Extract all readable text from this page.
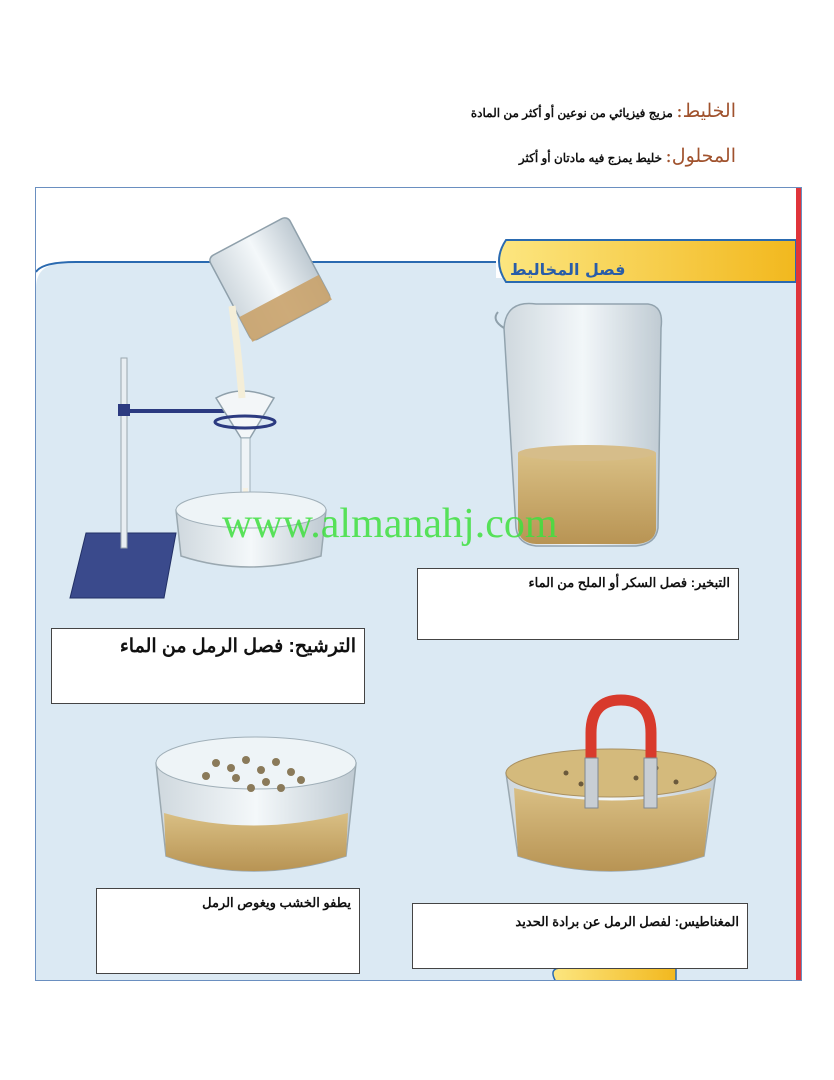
الخليط: مزيج فيزيائي من نوعين أو أكثر من المادة
المحلول: خليط يمزج فيه مادتان أو أكثر
فصل المخاليط
www.almanahj.com
الترشيح: فصل الرمل من الماء
التبخير: فصل السكر أو الملح من الماء
يطفو الخشب ويغوص الرمل
المغناطيس: لفصل الرمل عن برادة الحديد
